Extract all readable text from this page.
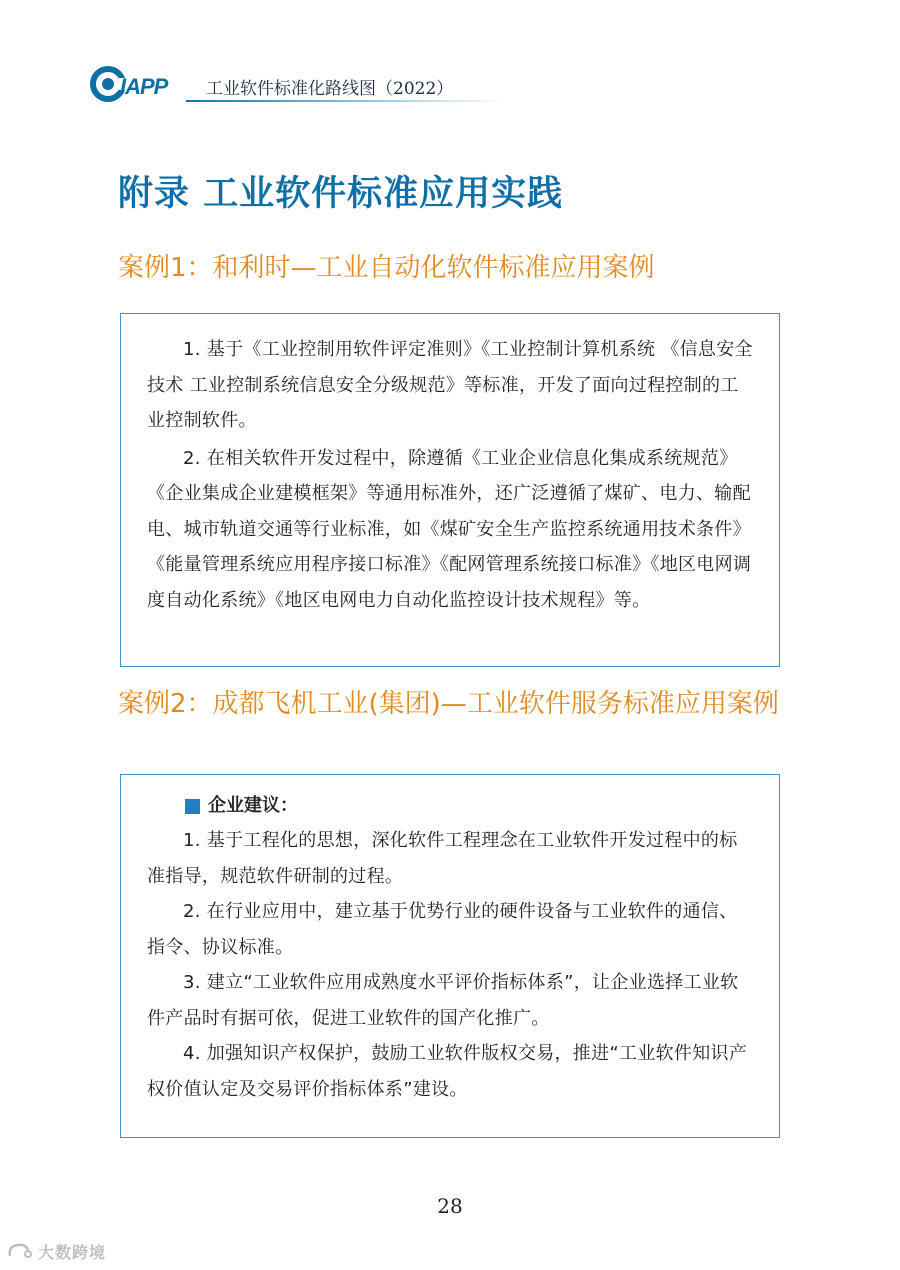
IAPP 工业软件标准化路线图（2022）
附录 工业软件标准应用实践
案例1：和利时—工业自动化软件标准应用案例

1. 基于《工业控制用软件评定准则》《工业控制计算机系统 《信息安全技术 工业控制系统信息安全分级规范》等标准，开发了面向过程控制的工业控制软件。

2. 在相关软件开发过程中，除遵循《工业企业信息化集成系统规范》《企业集成企业建模框架》等通用标准外，还广泛遵循了煤矿、电力、输配电、城市轨道交通等行业标准，如《煤矿安全生产监控系统通用技术条件》《能量管理系统应用程序接口标准》《配网管理系统接口标准》《地区电网调度自动化系统》《地区电网电力自动化监控设计技术规程》等。

案例2：成都飞机工业(集团)—工业软件服务标准应用案例
企业建议：

1. 基于工程化的思想，深化软件工程理念在工业软件开发过程中的标准指导，规范软件研制的过程。

2. 在行业应用中，建立基于优势行业的硬件设备与工业软件的通信、指令、协议标准。

3. 建立“工业软件应用成熟度水平评价指标体系”，让企业选择工业软件产品时有据可依，促进工业软件的国产化推广。

4. 加强知识产权保护，鼓励工业软件版权交易，推进“工业软件知识产权价值认定及交易评价指标体系”建设。

28
大数跨境
